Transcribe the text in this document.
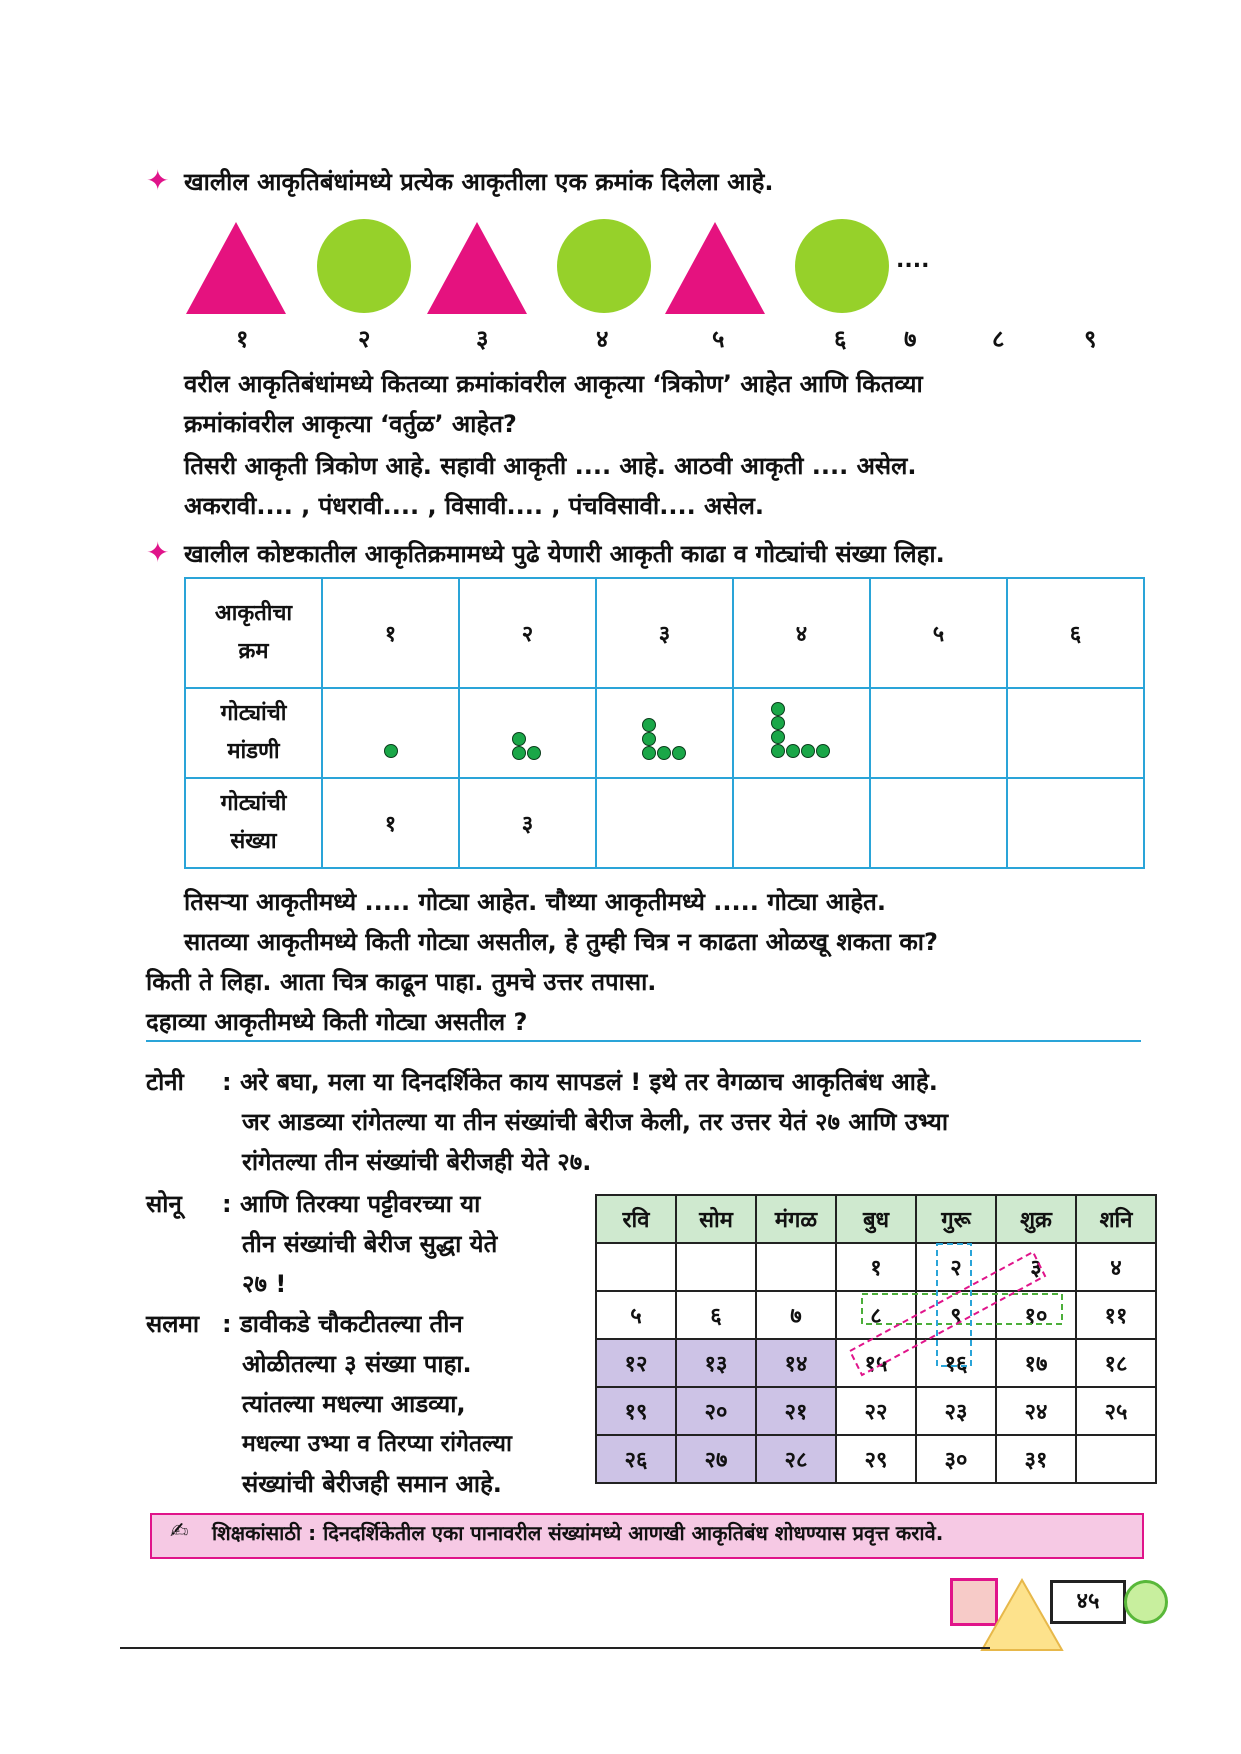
✦ खालील आकृतिबंधांमध्ये प्रत्येक आकृतीला एक क्रमांक दिलेला आहे.
....
१	२	३	४	५	६ ७	८	९
वरील आकृतिबंधांमध्ये कितव्या क्रमांकांवरील आकृत्या ‘त्रिकोण’ आहेत आणि कितव्या
क्रमांकांवरील आकृत्या ‘वर्तुळ’ आहेत?
तिसरी आकृती त्रिकोण आहे. सहावी आकृती .... आहे. आठवी आकृती .... असेल.
अकरावी.... , पंधरावी.... , विसावी.... , पंचविसावी.... असेल.
✦ खालील कोष्टकातील आकृतिक्रमामध्ये पुढे येणारी आकृती काढा व गोट्यांची संख्या लिहा.
आकृतीचा
क्रम	१	२	३	४	५	६
गोट्यांची
मांडणी	

गोट्यांची
संख्या	१	३				
तिसऱ्या आकृतीमध्ये ..... गोट्या आहेत. चौथ्या आकृतीमध्ये ..... गोट्या आहेत.
सातव्या आकृतीमध्ये किती गोट्या असतील, हे तुम्ही चित्र न काढता ओळखू शकता का?
किती ते लिहा. आता चित्र काढून पाहा. तुमचे उत्तर तपासा.
दहाव्या आकृतीमध्ये किती गोट्या असतील ?
टोनी : अरे बघा, मला या दिनदर्शिकेत काय सापडलं ! इथे तर वेगळाच आकृतिबंध आहे.
जर आडव्या रांगेतल्या या तीन संख्यांची बेरीज केली, तर उत्तर येतं २७ आणि उभ्या
रांगेतल्या तीन संख्यांची बेरीजही येते २७.
सोनू : आणि तिरक्या पट्टीवरच्या या
तीन संख्यांची बेरीज सुद्धा येते
२७ !
सलमा : डावीकडे चौकटीतल्या तीन
ओळीतल्या ३ संख्या पाहा.
त्यांतल्या मधल्या आडव्या,
मधल्या उभ्या व तिरप्या रांगेतल्या
संख्यांची बेरीजही समान आहे.
रवि	सोम	मंगळ	बुध	गुरू	शुक्र	शनि
			१	२	३	४
५	६	७	८	९	१०	११
१२	१३	१४	१५	१६	१७	१८
१९	२०	२१	२२	२३	२४	२५
२६	२७	२८	२९	३०	३१	
✍ शिक्षकांसाठी : दिनदर्शिकेतील एका पानावरील संख्यांमध्ये आणखी आकृतिबंध शोधण्यास प्रवृत्त करावे.
४५
